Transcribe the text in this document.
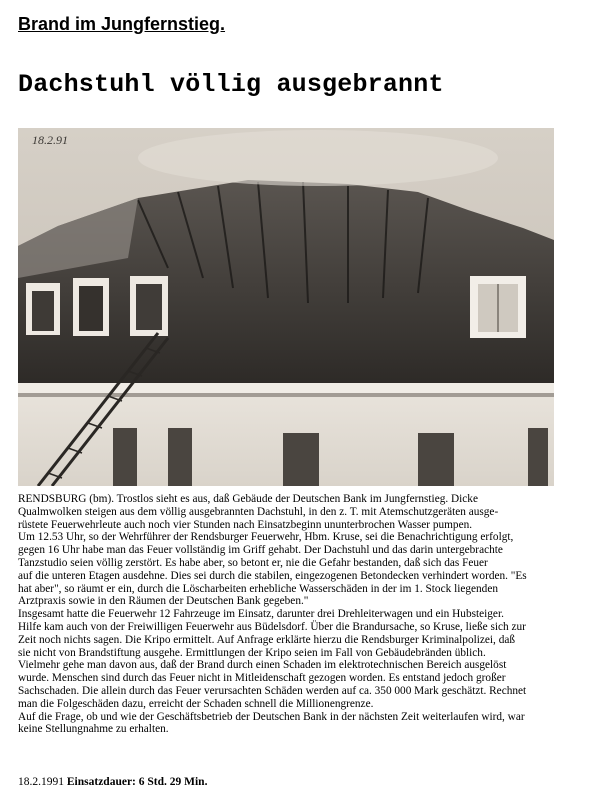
Brand im Jungfernstieg.
Dachstuhl völlig ausgebrannt
18.2.91
RENDSBURG (bm). Trostlos sieht es aus, daß Gebäude der Deutschen Bank im Jungfernstieg. Dicke
Qualmwolken steigen aus dem völlig ausgebrannten Dachstuhl, in den z. T. mit Atemschutzgeräten ausge-
rüstete Feuerwehrleute auch noch vier Stunden nach Einsatzbeginn ununterbrochen Wasser pumpen.
Um 12.53 Uhr, so der Wehrführer der Rendsburger Feuerwehr, Hbm. Kruse, sei die Benachrichtigung erfolgt,
gegen 16 Uhr habe man das Feuer vollständig im Griff gehabt. Der Dachstuhl und das darin untergebrachte
Tanzstudio seien völlig zerstört. Es habe aber, so betont er, nie die Gefahr bestanden, daß sich das Feuer
auf die unteren Etagen ausdehne. Dies sei durch die stabilen, eingezogenen Betondecken verhindert worden. "Es
hat aber", so räumt er ein, durch die Löscharbeiten erhebliche Wasserschäden in der im 1. Stock liegenden
Arztpraxis sowie in den Räumen der Deutschen Bank gegeben."
Insgesamt hatte die Feuerwehr 12 Fahrzeuge im Einsatz, darunter drei Drehleiterwagen und ein Hubsteiger.
Hilfe kam auch von der Freiwilligen Feuerwehr aus Büdelsdorf. Über die Brandursache, so Kruse, ließe sich zur
Zeit noch nichts sagen. Die Kripo ermittelt. Auf Anfrage erklärte hierzu die Rendsburger Kriminalpolizei, daß
sie nicht von Brandstiftung ausgehe. Ermittlungen der Kripo seien im Fall von Gebäudebränden üblich.
Vielmehr gehe man davon aus, daß der Brand durch einen Schaden im elektrotechnischen Bereich ausgelöst
wurde. Menschen sind durch das Feuer nicht in Mitleidenschaft gezogen worden. Es entstand jedoch großer
Sachschaden. Die allein durch das Feuer verursachten Schäden werden auf ca. 350 000 Mark geschätzt. Rechnet
man die Folgeschäden dazu, erreicht der Schaden schnell die Millionengrenze.
Auf die Frage, ob und wie der Geschäftsbetrieb der Deutschen Bank in der nächsten Zeit weiterlaufen wird, war
keine Stellungnahme zu erhalten.
18.2.1991 Einsatzdauer: 6 Std. 29 Min.
